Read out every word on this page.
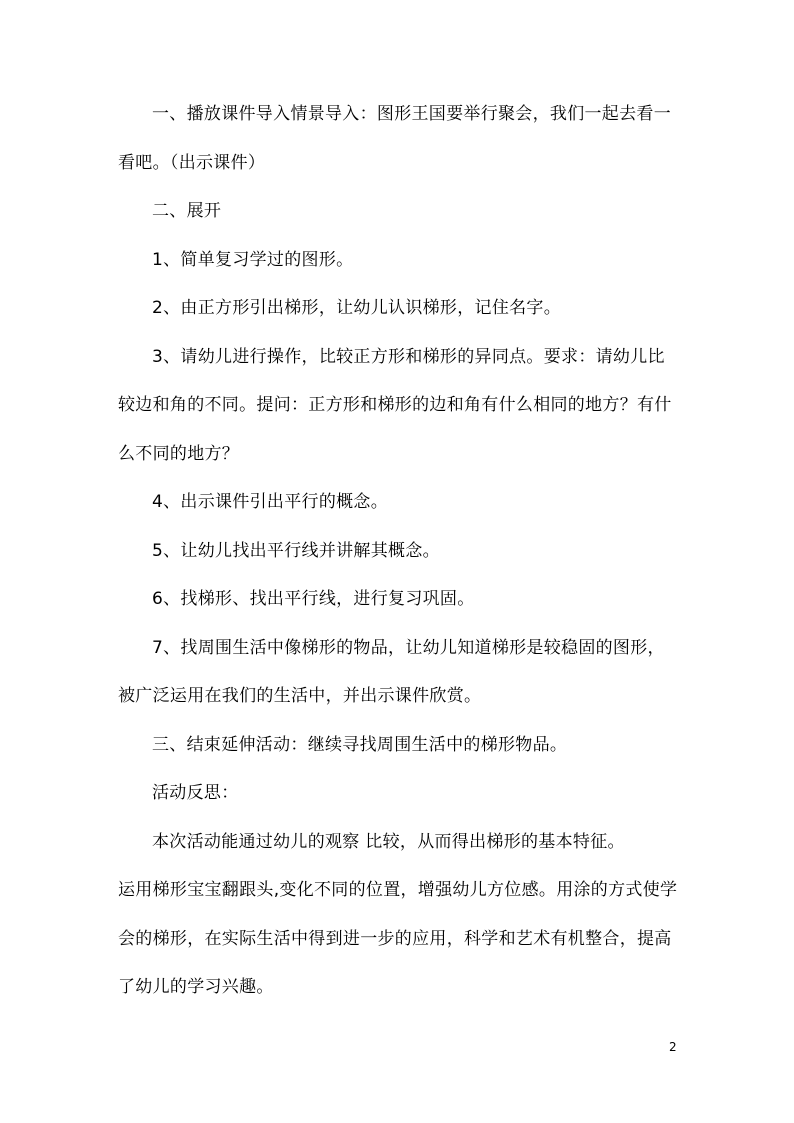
一、播放课件导入情景导入：图形王国要举行聚会，我们一起去看一看吧。（出示课件）

二、展开

1、简单复习学过的图形。

2、由正方形引出梯形，让幼儿认识梯形，记住名字。

3、请幼儿进行操作，比较正方形和梯形的异同点。要求：请幼儿比较边和角的不同。提问：正方形和梯形的边和角有什么相同的地方？有什么不同的地方？

4、出示课件引出平行的概念。

5、让幼儿找出平行线并讲解其概念。

6、找梯形、找出平行线，进行复习巩固。

7、找周围生活中像梯形的物品，让幼儿知道梯形是较稳固的图形，被广泛运用在我们的生活中，并出示课件欣赏。

三、结束延伸活动：继续寻找周围生活中的梯形物品。

活动反思：

本次活动能通过幼儿的观察 比较，从而得出梯形的基本特征。

运用梯形宝宝翻跟头,变化不同的位置，增强幼儿方位感。用涂的方式使学会的梯形，在实际生活中得到进一步的应用，科学和艺术有机整合，提高了幼儿的学习兴趣。

2
